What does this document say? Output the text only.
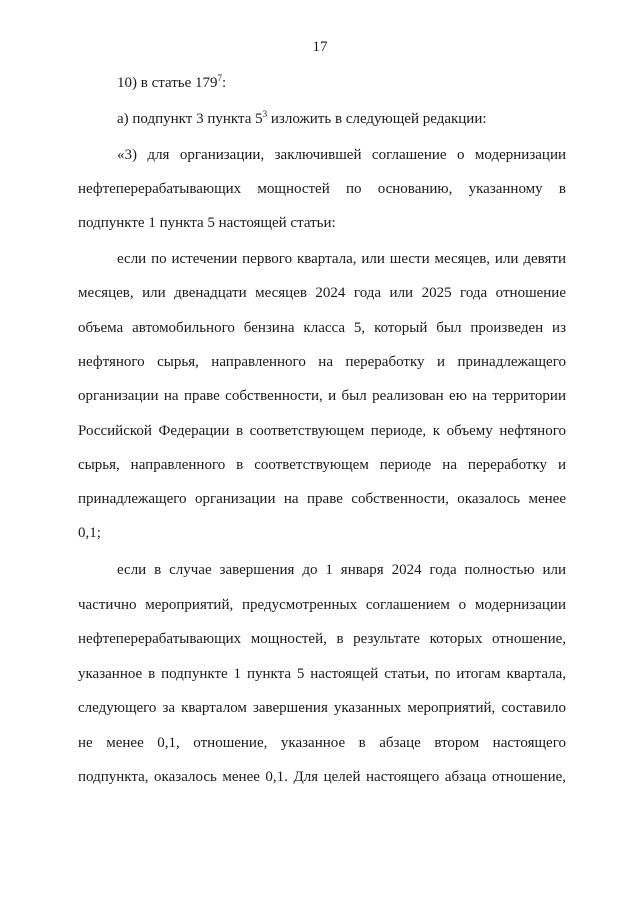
17
10) в статье $179^7$:
а) подпункт 3 пункта $5^3$ изложить в следующей редакции:
«3) для организации, заключившей соглашение о модернизации
нефтеперерабатывающих мощностей по основанию, указанному в
подпункте 1 пункта 5 настоящей статьи:
если по истечении первого квартала, или шести месяцев, или девяти
месяцев, или двенадцати месяцев 2024 года или 2025 года отношение
объема автомобильного бензина класса 5, который был произведен из
нефтяного сырья, направленного на переработку и принадлежащего
организации на праве собственности, и был реализован ею на территории
Российской Федерации в соответствующем периоде, к объему нефтяного
сырья, направленного в соответствующем периоде на переработку и
принадлежащего организации на праве собственности, оказалось менее
0,1;
если в случае завершения до 1 января 2024 года полностью или
частично мероприятий, предусмотренных соглашением о модернизации
нефтеперерабатывающих мощностей, в результате которых отношение,
указанное в подпункте 1 пункта 5 настоящей статьи, по итогам квартала,
следующего за кварталом завершения указанных мероприятий, составило
не менее 0,1, отношение, указанное в абзаце втором настоящего
подпункта, оказалось менее 0,1. Для целей настоящего абзаца отношение,
